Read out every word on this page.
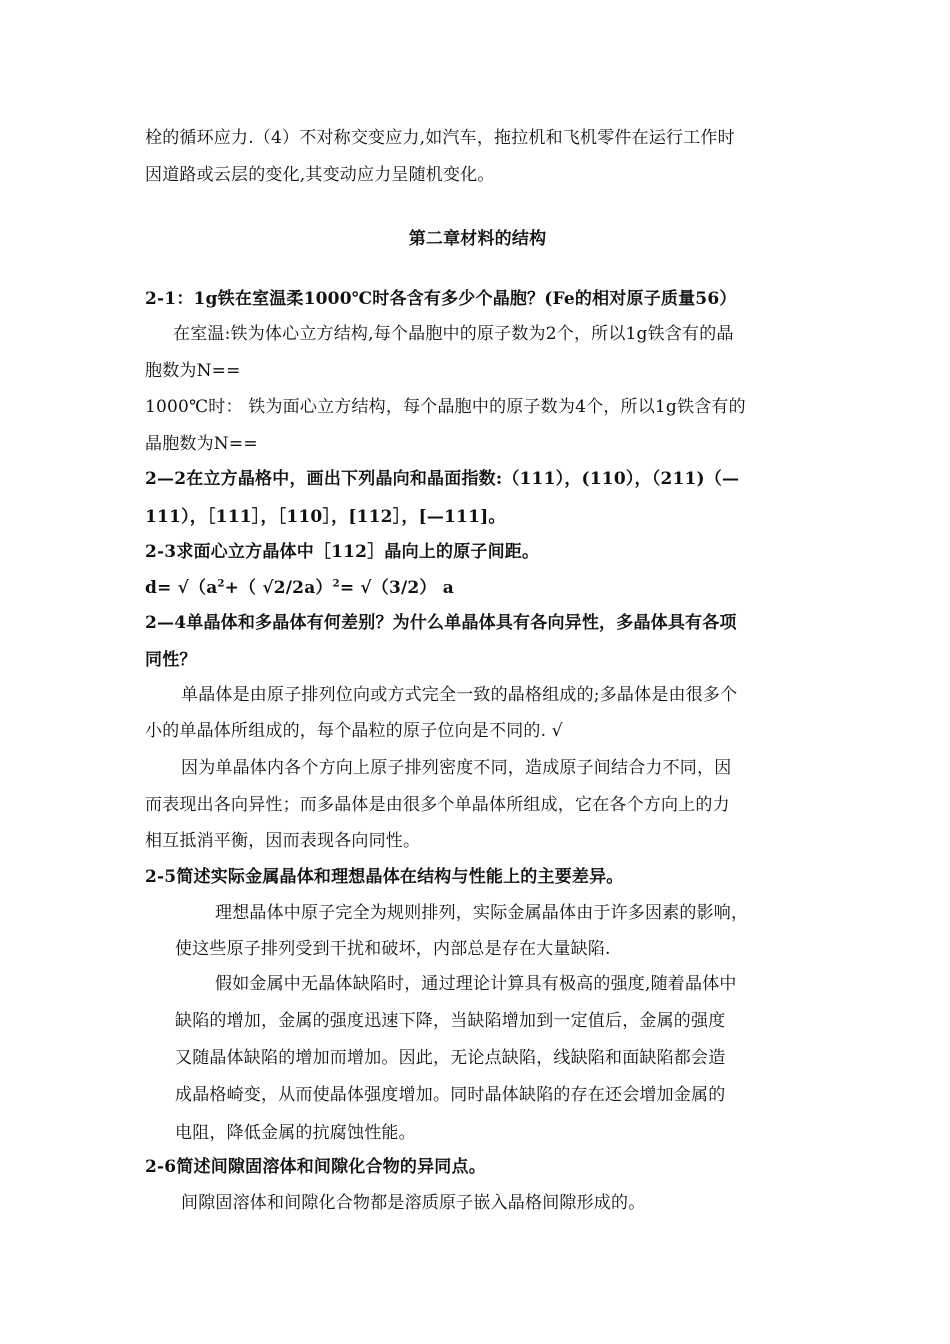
栓的循环应力.（4）不对称交变应力,如汽车，拖拉机和飞机零件在运行工作时
因道路或云层的变化,其变动应力呈随机变化。
第二章材料的结构
2-1：1g铁在室温柔1000℃时各含有多少个晶胞？(Fe的相对原子质量56）
在室温:铁为体心立方结构,每个晶胞中的原子数为2个，所以1g铁含有的晶
胞数为N==
1000℃时： 铁为面心立方结构，每个晶胞中的原子数为4个，所以1g铁含有的
晶胞数为N==
2—2在立方晶格中，画出下列晶向和晶面指数:（111），(110），（211)（—
111），［111］，［110］，[112］，[—111]。
2-3求面心立方晶体中［112］晶向上的原子间距。
$d= √(a^2+$（ √2/2a）$^2$= √（3/2） a
2—4单晶体和多晶体有何差别？为什么单晶体具有各向异性，多晶体具有各项
同性？
单晶体是由原子排列位向或方式完全一致的晶格组成的;多晶体是由很多个
小的单晶体所组成的，每个晶粒的原子位向是不同的. √
因为单晶体内各个方向上原子排列密度不同，造成原子间结合力不同，因
而表现出各向异性；而多晶体是由很多个单晶体所组成，它在各个方向上的力
相互抵消平衡，因而表现各向同性。
2-5简述实际金属晶体和理想晶体在结构与性能上的主要差异。
理想晶体中原子完全为规则排列，实际金属晶体由于许多因素的影响，
使这些原子排列受到干扰和破坏，内部总是存在大量缺陷.
假如金属中无晶体缺陷时，通过理论计算具有极高的强度,随着晶体中
缺陷的增加，金属的强度迅速下降，当缺陷增加到一定值后，金属的强度
又随晶体缺陷的增加而增加。因此，无论点缺陷，线缺陷和面缺陷都会造
成晶格崎变，从而使晶体强度增加。同时晶体缺陷的存在还会增加金属的
电阻，降低金属的抗腐蚀性能。
2-6简述间隙固溶体和间隙化合物的异同点。
间隙固溶体和间隙化合物都是溶质原子嵌入晶格间隙形成的。
